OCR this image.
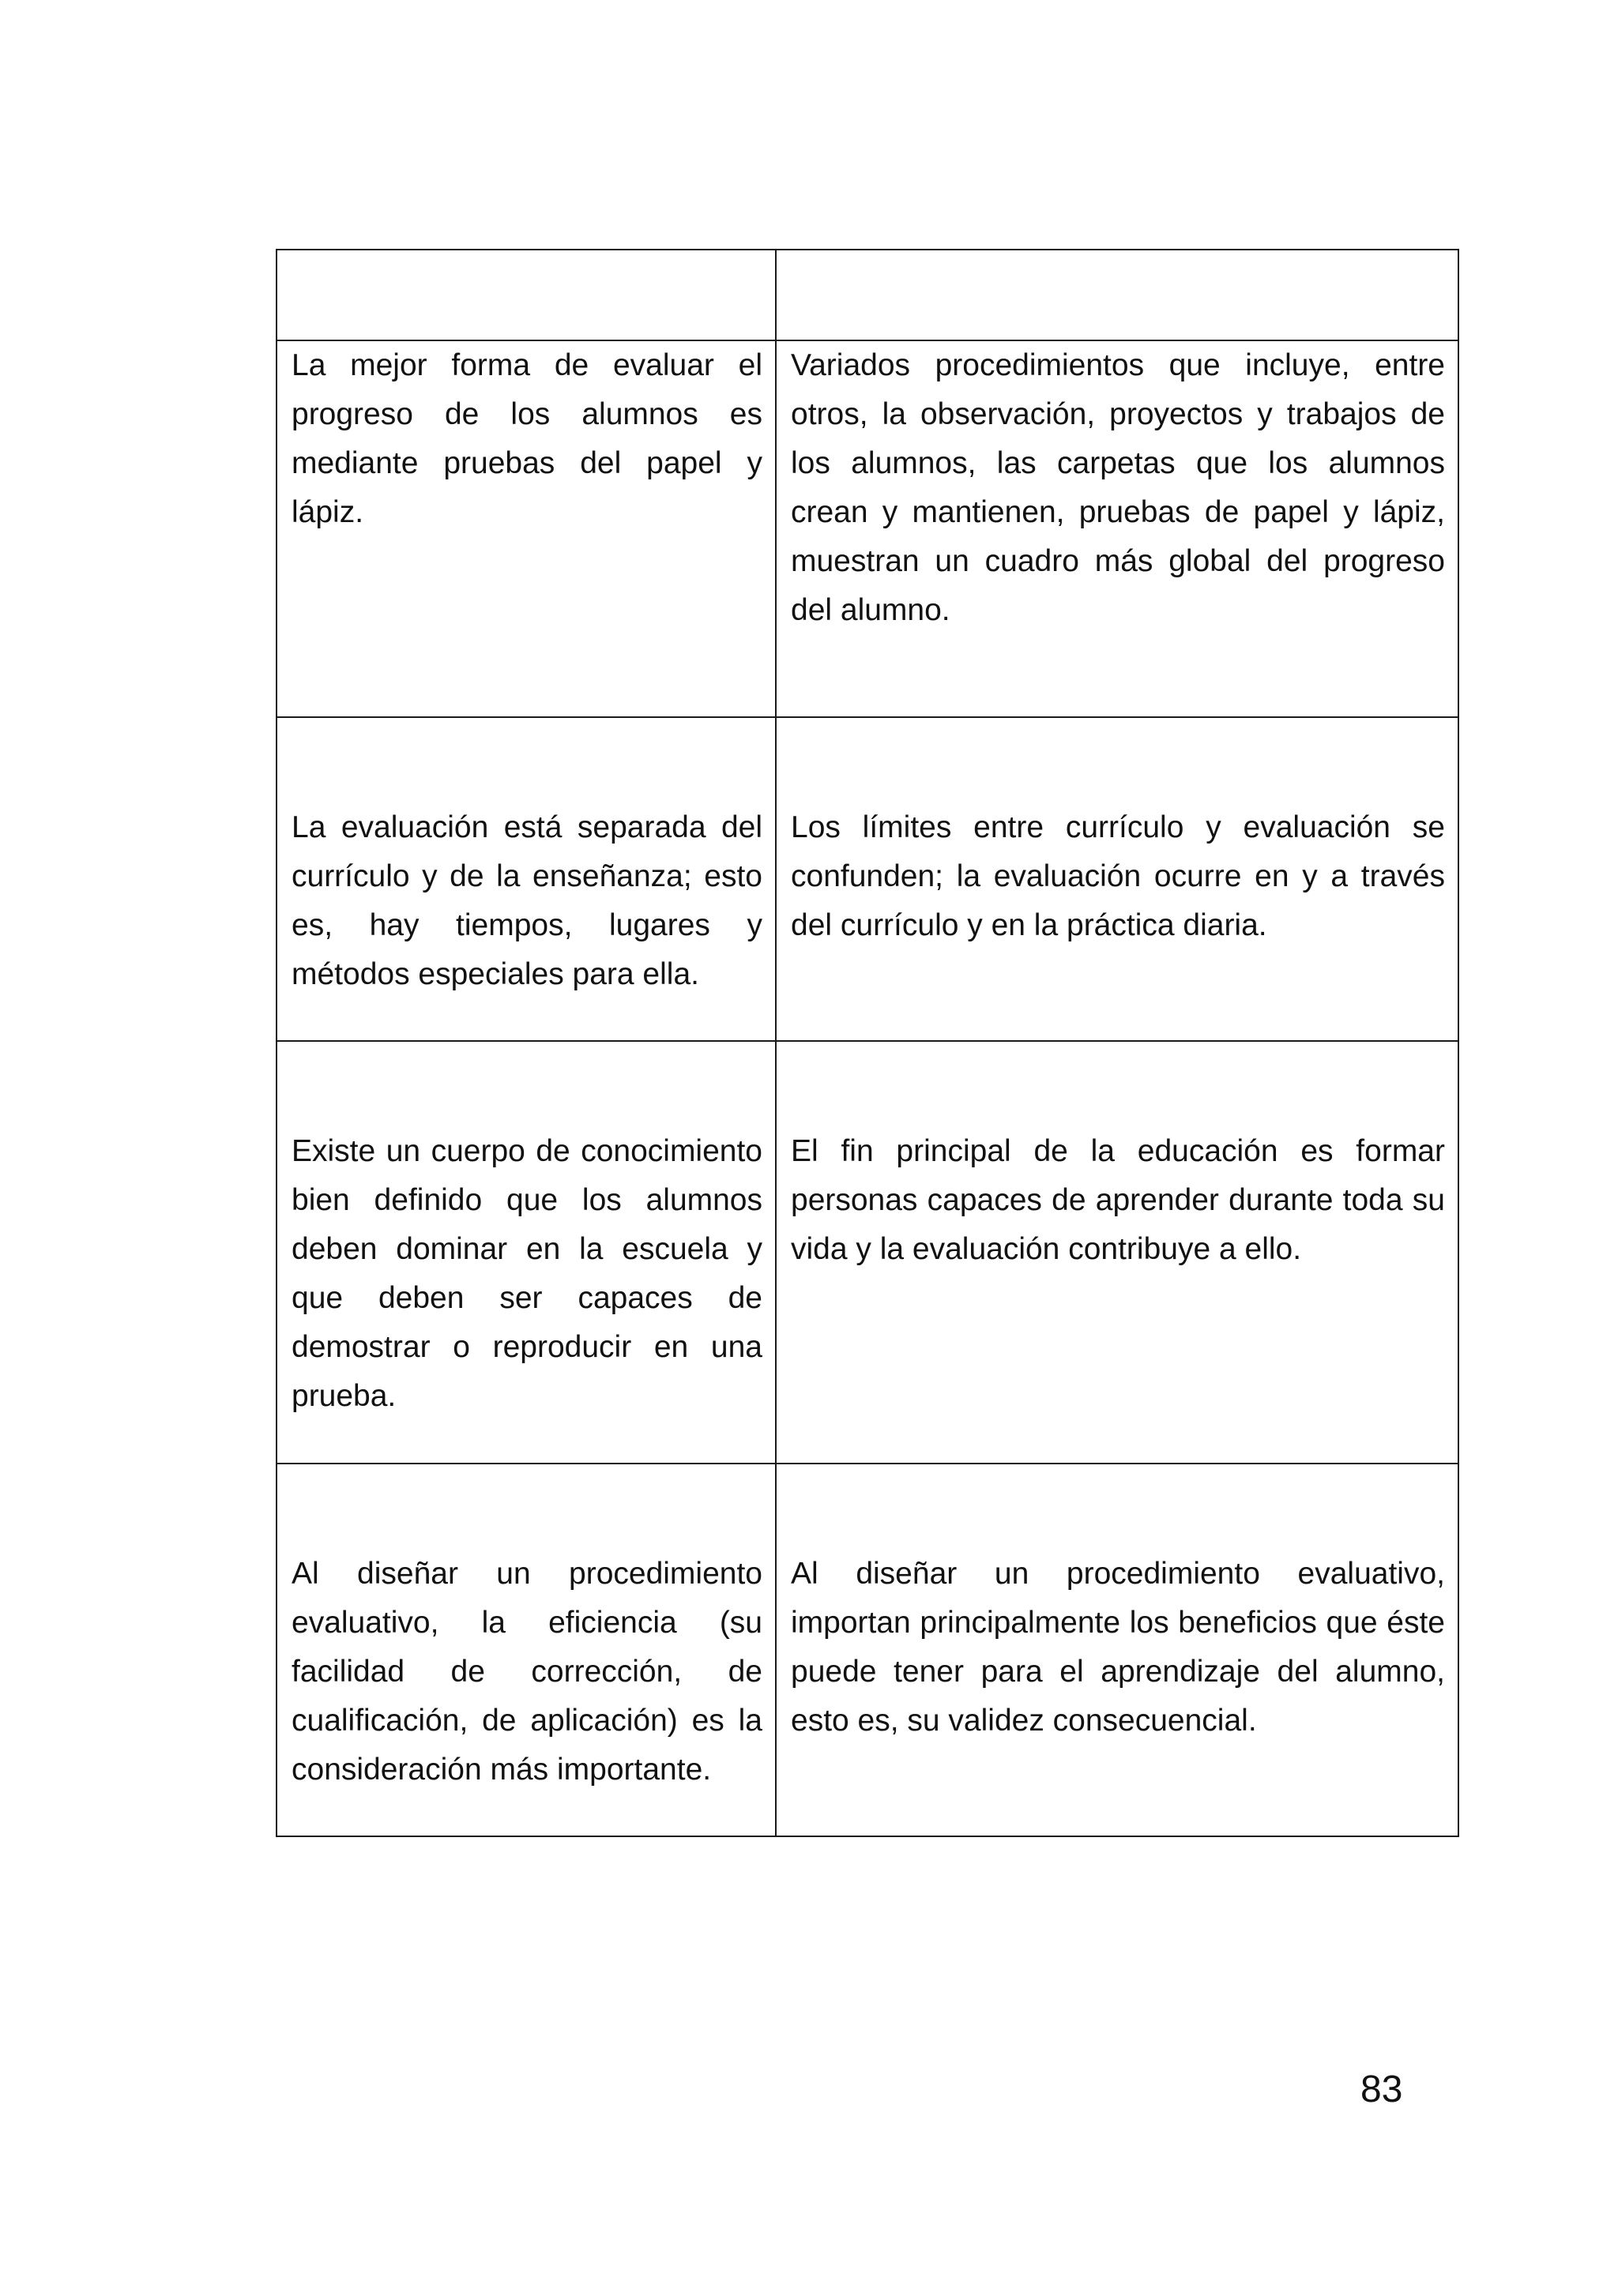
La mejor forma de evaluar el progreso de los alumnos es mediante pruebas del papel y lápiz.	Variados procedimientos que incluye, entre otros, la observación, proyectos y trabajos de los alumnos, las carpetas que los alumnos crean y mantienen, pruebas de papel y lápiz, muestran un cuadro más global del progreso del alumno.
La evaluación está separada del currículo y de la enseñanza; esto es, hay tiempos, lugares y métodos especiales para ella.	Los límites entre currículo y evaluación se confunden; la evaluación ocurre en y a través del currículo y en la práctica diaria.
Existe un cuerpo de conocimiento bien definido que los alumnos deben dominar en la escuela y que deben ser capaces de demostrar o reproducir en una prueba.	El fin principal de la educación es formar personas capaces de aprender durante toda su vida y la evaluación contribuye a ello.
Al diseñar un procedimiento evaluativo, la eficiencia (su facilidad de corrección, de cualificación, de aplicación) es la consideración más importante.	Al diseñar un procedimiento evaluativo, importan principalmente los beneficios que éste puede tener para el aprendizaje del alumno, esto es, su validez consecuencial.
83
